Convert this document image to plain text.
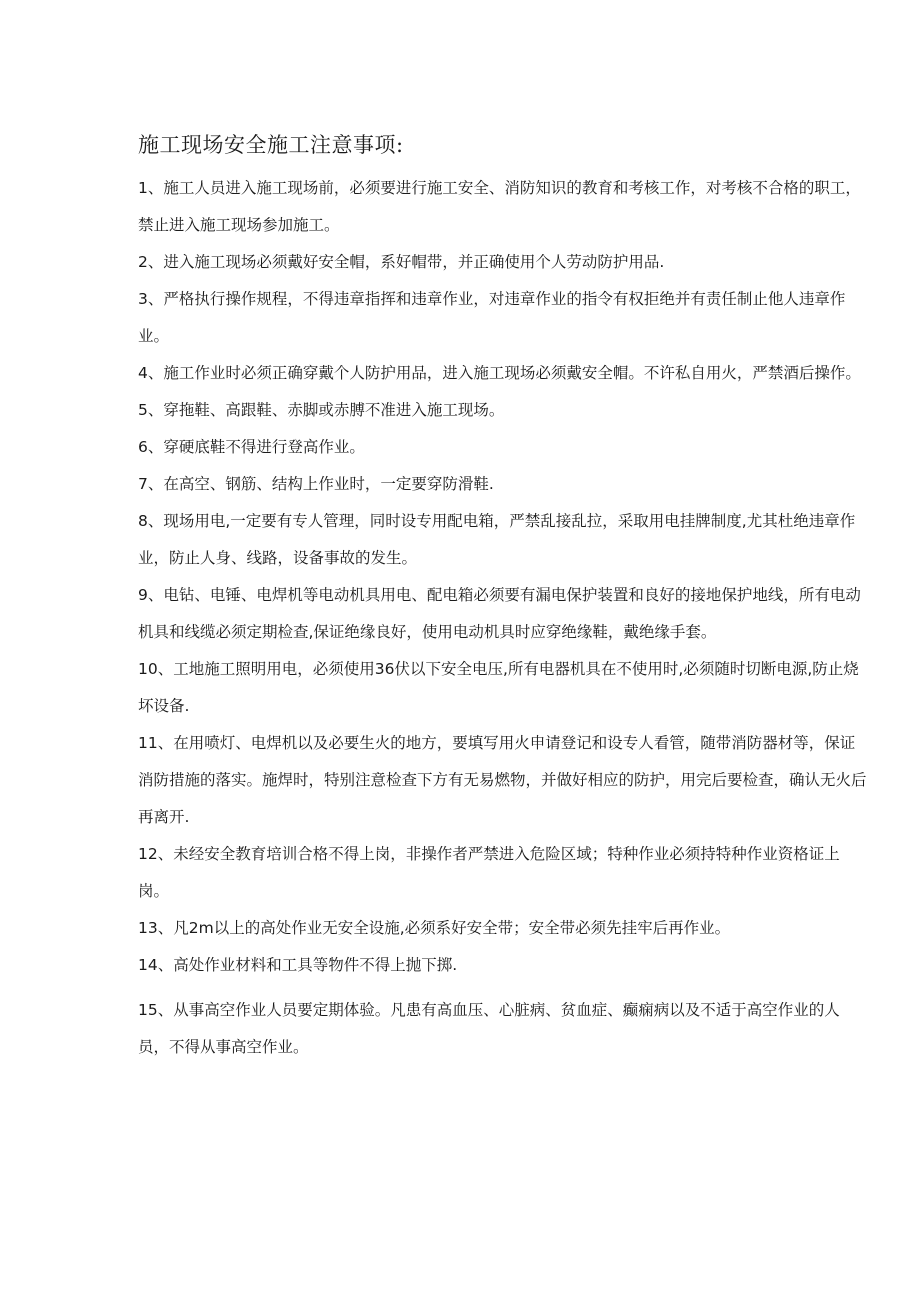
施工现场安全施工注意事项:
1、施工人员进入施工现场前，必须要进行施工安全、消防知识的教育和考核工作，对考核不合格的职工，禁止进入施工现场参加施工。
2、进入施工现场必须戴好安全帽，系好帽带，并正确使用个人劳动防护用品.
3、严格执行操作规程，不得违章指挥和违章作业，对违章作业的指令有权拒绝并有责任制止他人违章作业。
4、施工作业时必须正确穿戴个人防护用品，进入施工现场必须戴安全帽。不许私自用火，严禁酒后操作。
5、穿拖鞋、高跟鞋、赤脚或赤膊不准进入施工现场。
6、穿硬底鞋不得进行登高作业。
7、在高空、钢筋、结构上作业时，一定要穿防滑鞋.
8、现场用电,一定要有专人管理，同时设专用配电箱，严禁乱接乱拉，采取用电挂牌制度,尤其杜绝违章作业，防止人身、线路，设备事故的发生。
9、电钻、电锤、电焊机等电动机具用电、配电箱必须要有漏电保护装置和良好的接地保护地线，所有电动机具和线缆必须定期检查,保证绝缘良好，使用电动机具时应穿绝缘鞋，戴绝缘手套。
10、工地施工照明用电，必须使用36伏以下安全电压,所有电器机具在不使用时,必须随时切断电源,防止烧坏设备.
11、在用喷灯、电焊机以及必要生火的地方，要填写用火申请登记和设专人看管，随带消防器材等，保证消防措施的落实。施焊时，特别注意检查下方有无易燃物，并做好相应的防护，用完后要检查，确认无火后再离开.
12、未经安全教育培训合格不得上岗，非操作者严禁进入危险区域；特种作业必须持特种作业资格证上岗。
13、凡2m以上的高处作业无安全设施,必须系好安全带；安全带必须先挂牢后再作业。
14、高处作业材料和工具等物件不得上抛下掷.
15、从事高空作业人员要定期体验。凡患有高血压、心脏病、贫血症、癫痫病以及不适于高空作业的人员，不得从事高空作业。
